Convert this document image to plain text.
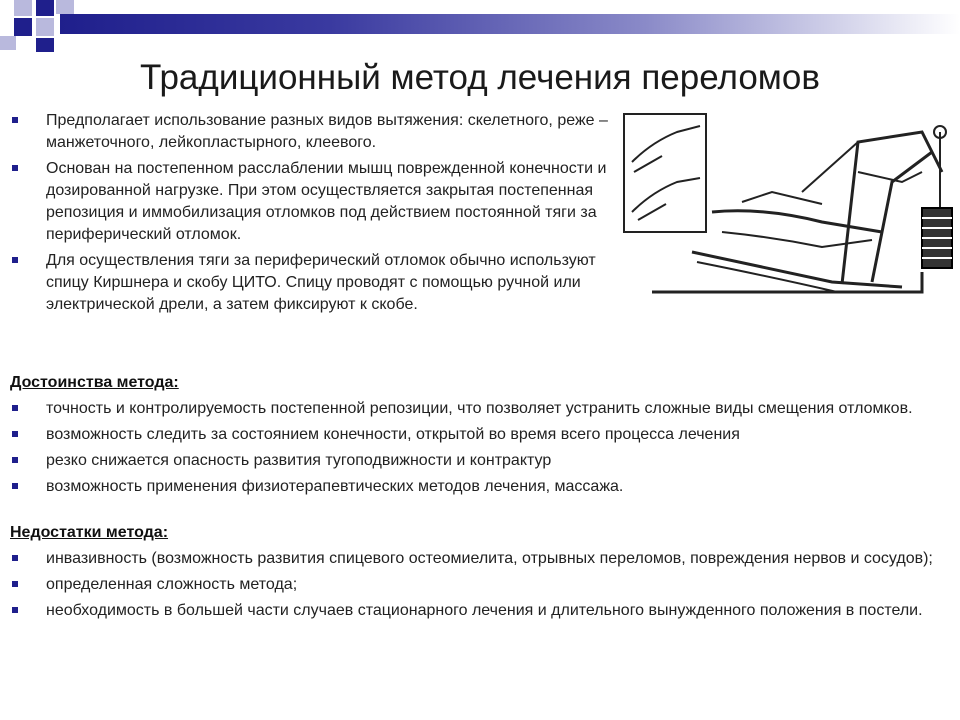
Традиционный метод лечения переломов
Предполагает использование разных видов вытяжения: скелетного, реже – манжеточного, лейкопластырного, клеевого.
Основан на постепенном расслаблении мышц поврежденной конечности и дозированной нагрузке. При этом осуществляется закрытая постепенная репозиция и иммобилизация отломков под действием постоянной тяги за периферический отломок.
Для осуществления тяги за периферический отломок обычно используют спицу Киршнера и скобу ЦИТО. Спицу проводят с помощью ручной или электрической дрели, а затем фиксируют к скобе.
Достоинства метода:
точность и контролируемость постепенной репозиции, что позволяет устранить сложные виды смещения отломков.
возможность следить за состоянием конечности, открытой во время всего процесса лечения
резко снижается опасность развития тугоподвижности и контрактур
возможность применения физиотерапевтических методов лечения, массажа.
Недостатки метода:
инвазивность (возможность развития спицевого остеомиелита, отрывных переломов, повреждения нервов и сосудов);
определенная сложность метода;
необходимость в большей части случаев стационарного лечения и длительного вынужденного положения в постели.
